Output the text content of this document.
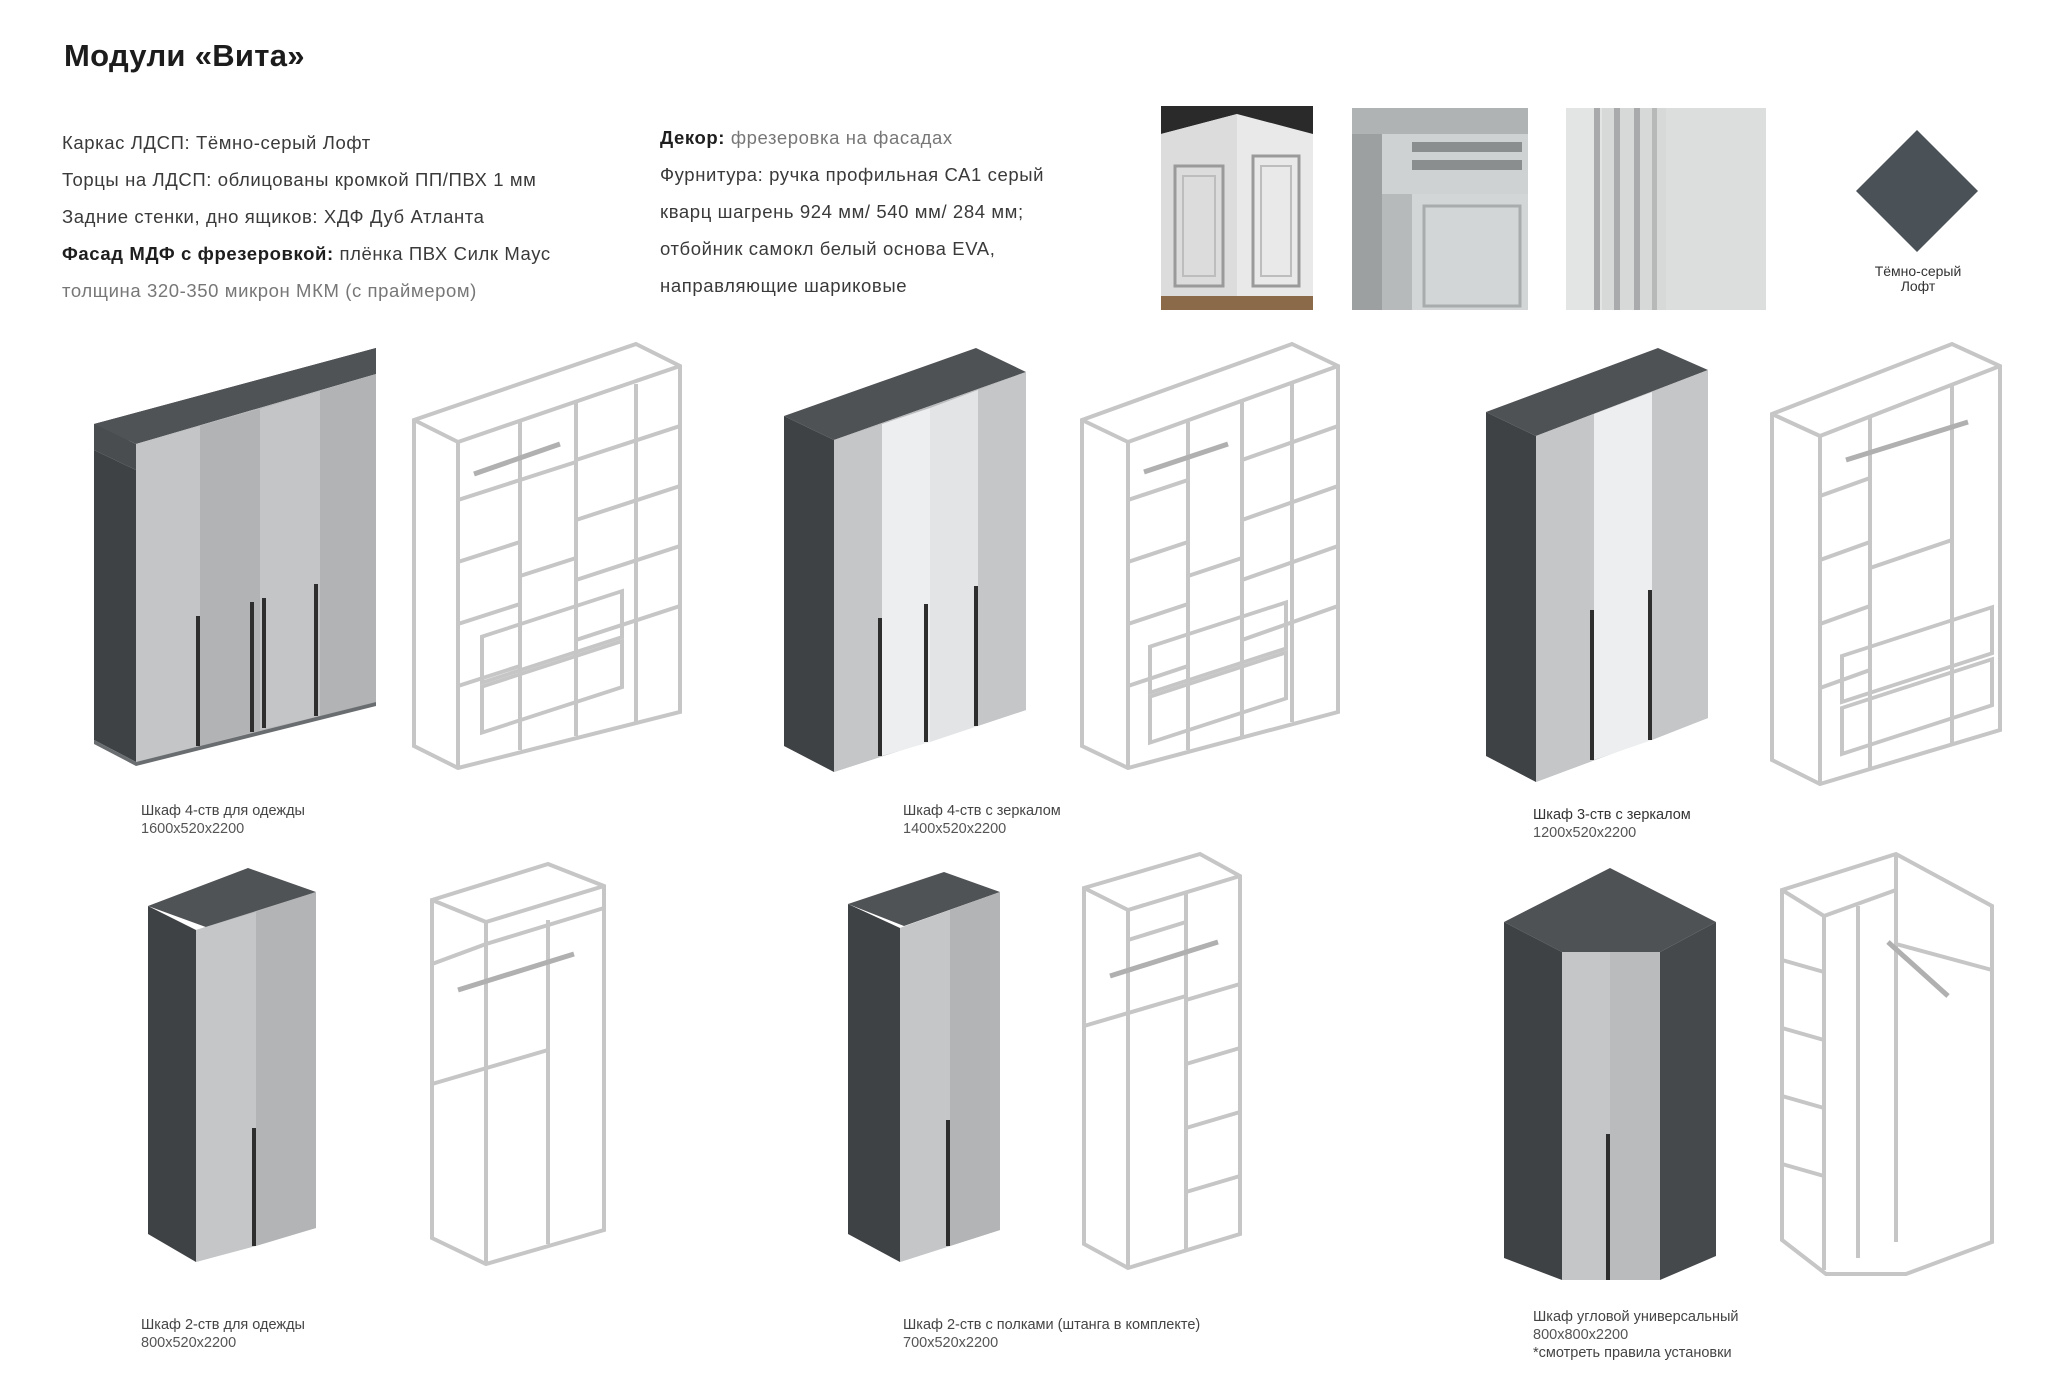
Модули «Вита»
Каркас ЛДСП: Тёмно-серый Лофт
Торцы на ЛДСП: облицованы кромкой ПП/ПВХ 1 мм
Задние стенки, дно ящиков: ХДФ Дуб Атланта
Фасад МДФ с фрезеровкой: плёнка ПВХ Силк Маус
толщина 320-350 микрон МКМ (с праймером)
Декор: фрезеровка на фасадах
Фурнитура: ручка профильная СА1 серый
кварц шагрень 924 мм/ 540 мм/ 284 мм;
отбойник самокл белый основа EVA,
направляющие шариковые
Тёмно-серый
Лофт
Шкаф 4-ств для одежды
1600x520x2200
Шкаф 4-ств с зеркалом
1400x520x2200
Шкаф 3-ств с зеркалом
1200x520x2200
Шкаф 2-ств для одежды
800x520x2200
Шкаф 2-ств с полками (штанга в комплекте)
700x520x2200
Шкаф угловой универсальный
800x800x2200
*смотреть правила установки
